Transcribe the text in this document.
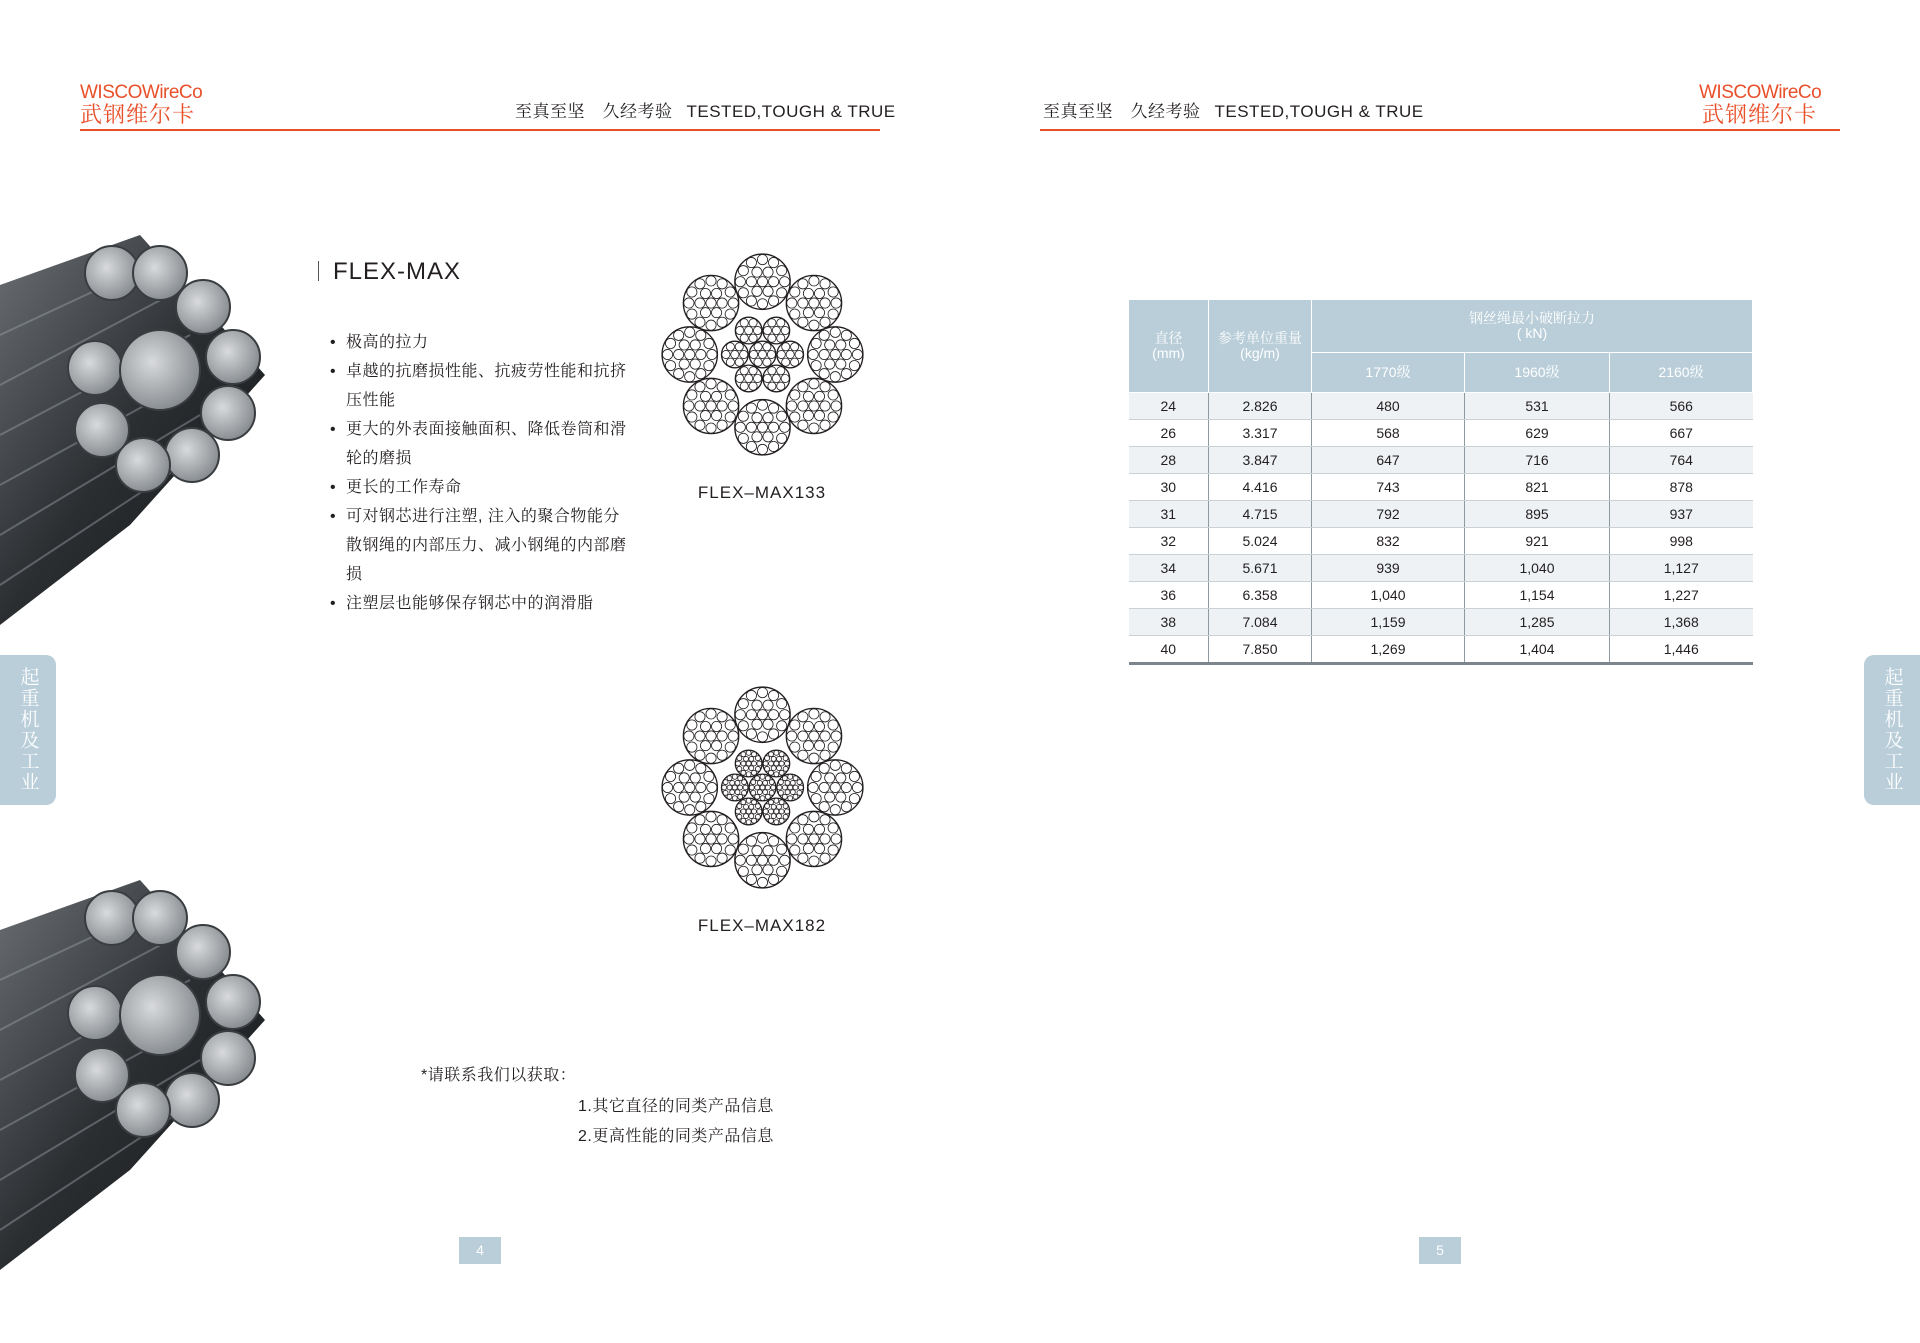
WISCOWireCo
武钢维尔卡	至真至坚　久经考验 TESTED,TOUGH & TRUE	至真至坚　久经考验 TESTED,TOUGH & TRUE
WISCOWireCo
武钢维尔卡
FLEX-MAX
• 极高的拉力
• 卓越的抗磨损性能、抗疲劳性能和抗挤压性能
• 更大的外表面接触面积、降低卷筒和滑轮的磨损
• 更长的工作寿命
• 可对钢芯进行注塑, 注入的聚合物能分散钢绳的内部压力、减小钢绳的内部磨损
• 注塑层也能够保存钢芯中的润滑脂
FLEX–MAX133
FLEX–MAX182
*请联系我们以获取：
1.其它直径的同类产品信息
2.更高性能的同类产品信息
4
起重机及工业
直径
(mm)	参考单位重量
(kg/m)	钢丝绳最小破断拉力
( kN)		
		1770级	1960级	2160级
24	2.826	480	531	566
26	3.317	568	629	667
28	3.847	647	716	764
30	4.416	743	821	878
31	4.715	792	895	937
32	5.024	832	921	998
34	5.671	939	1,040	1,127
36	6.358	1,040	1,154	1,227
38	7.084	1,159	1,285	1,368
40	7.850	1,269	1,404	1,446
5
起重机及工业
